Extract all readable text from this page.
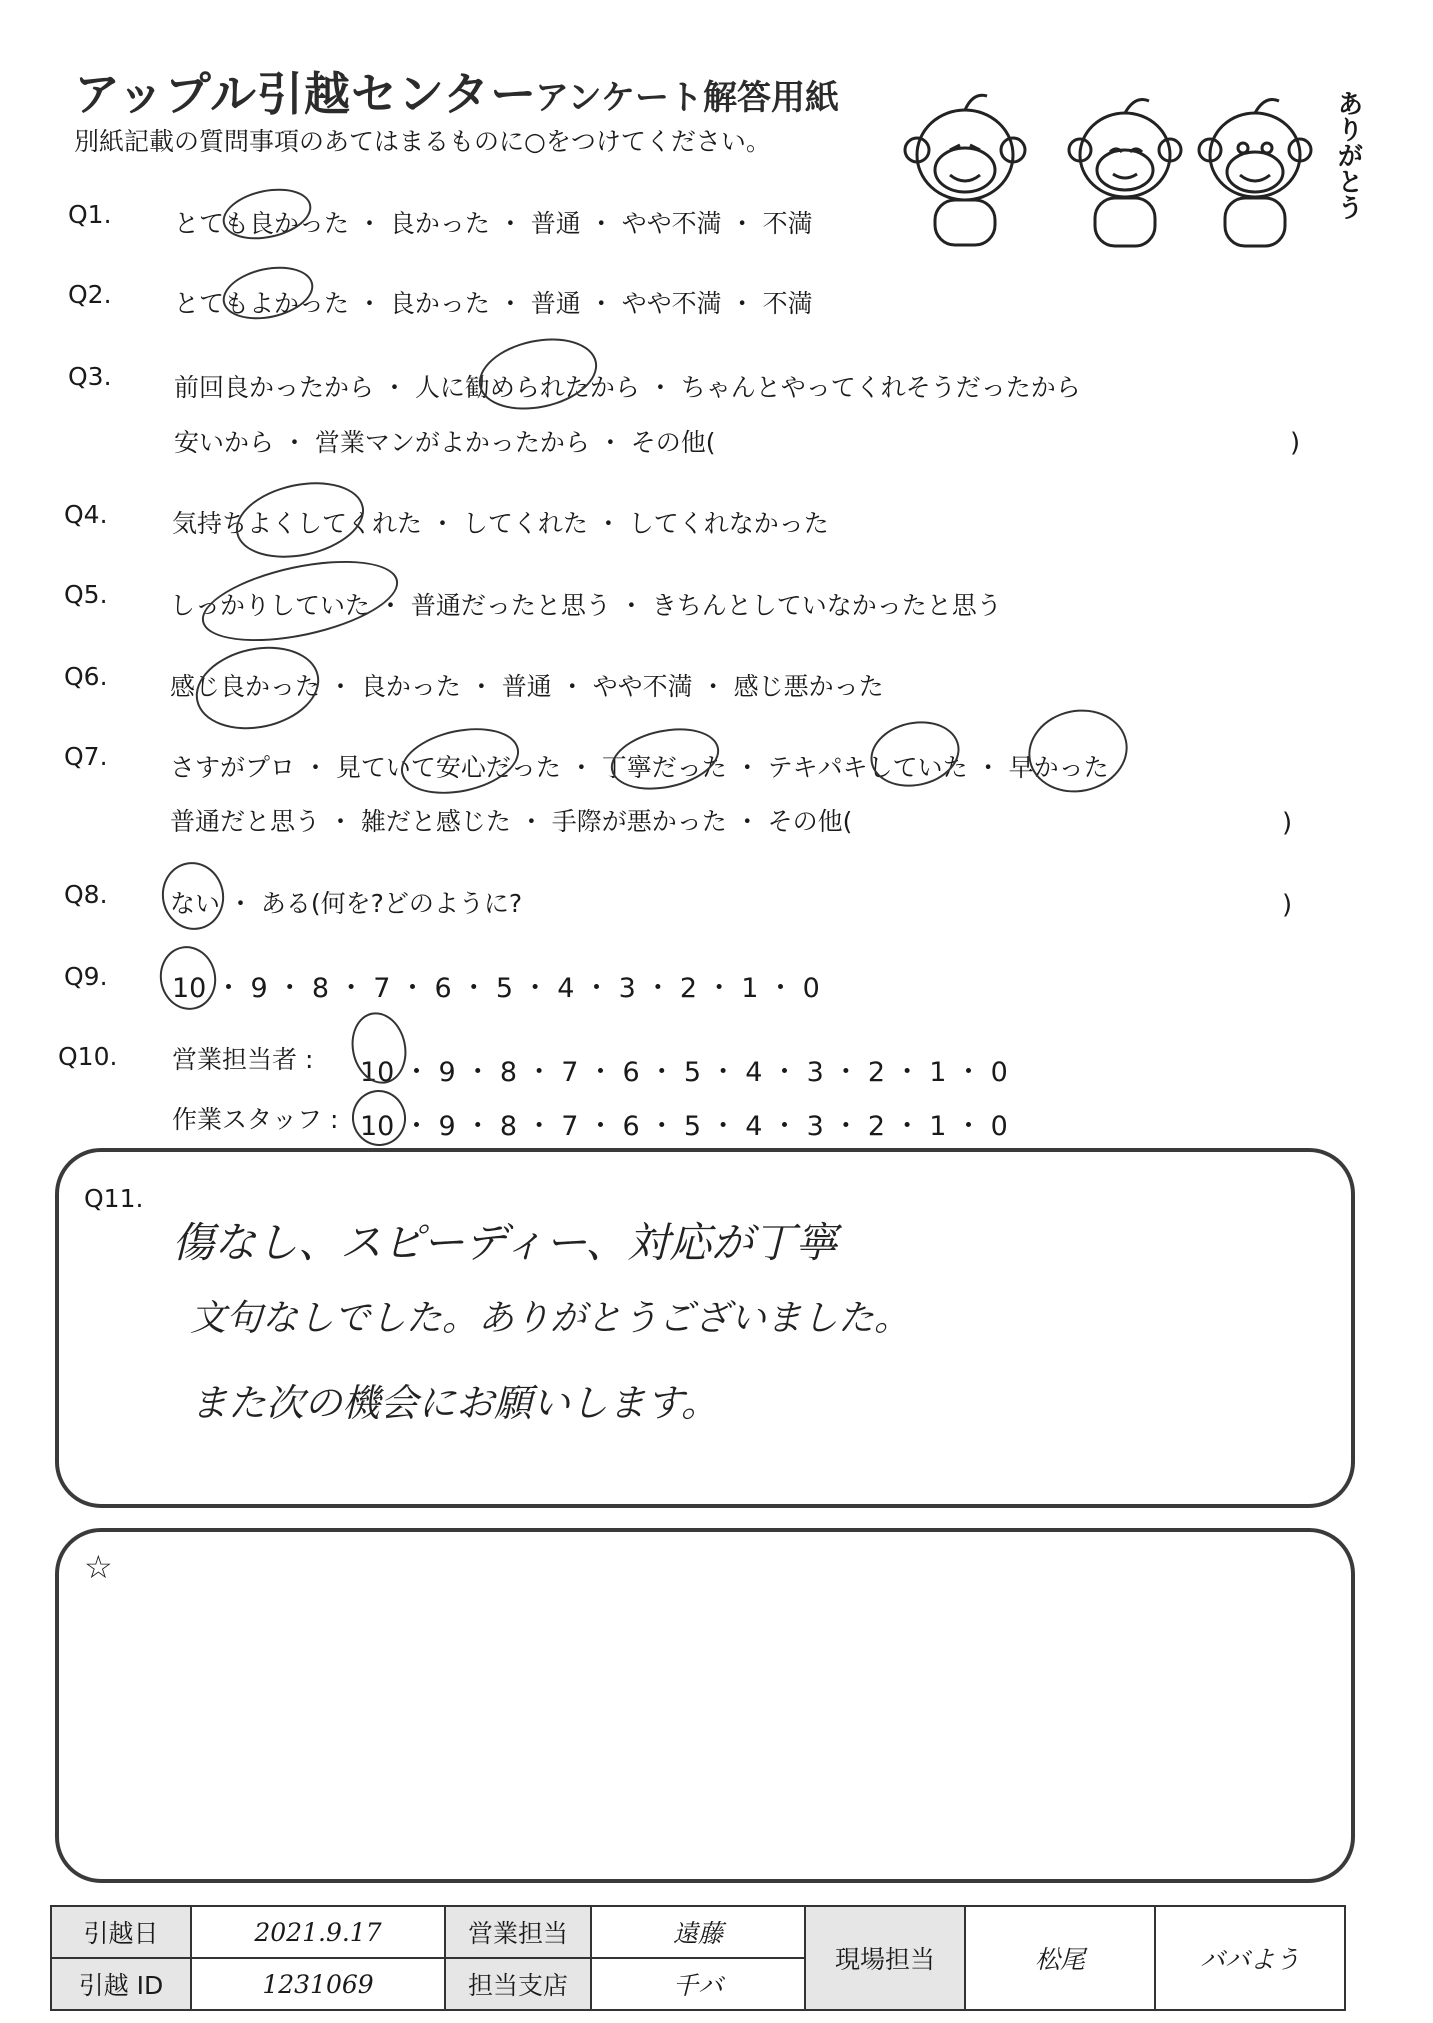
アップル引越センター
アンケート解答用紙
別紙記載の質問事項のあてはまるものに○をつけてください。	ありがとう
Q1. とても良かった ・ 良かった ・ 普通 ・ やや不満 ・ 不満
Q2. とてもよかった ・ 良かった ・ 普通 ・ やや不満 ・ 不満
Q3. 前回良かったから ・ 人に勧められたから ・ ちゃんとやってくれそうだったから
安いから ・ 営業マンがよかったから ・ その他(	)
Q4.	気持ちよくしてくれた ・ してくれた ・ してくれなかった
Q5. しっかりしていた ・ 普通だったと思う ・ きちんとしていなかったと思う
Q6. 感じ良かった ・ 良かった ・ 普通 ・ やや不満 ・ 感じ悪かった
Q7. さすがプロ ・ 見ていて安心だった ・ 丁寧だった ・ テキパキしていた ・ 早かった
普通だと思う ・ 雑だと感じた ・ 手際が悪かった ・ その他(	)
Q8. ない ・ ある(何を?どのように?	)
Q9. 10 ・ 9 ・ 8 ・ 7 ・ 6 ・ 5 ・ 4 ・ 3 ・ 2 ・ 1 ・ 0
Q10. 営業担当者 : 10 ・ 9 ・ 8 ・ 7 ・ 6 ・ 5 ・ 4 ・ 3 ・ 2 ・ 1 ・ 0
作業スタッフ : 10 ・ 9 ・ 8 ・ 7 ・ 6 ・ 5 ・ 4 ・ 3 ・ 2 ・ 1 ・ 0
Q11.
傷なし、スピーディー、対応が丁寧
文句なしでした。ありがとうございました。
また次の機会にお願いします。
☆
引越日	2021.9.17	営業担当	遠藤	現場担当	松尾	ババよう
引越 ID	1231069	担当支店	千バ			
